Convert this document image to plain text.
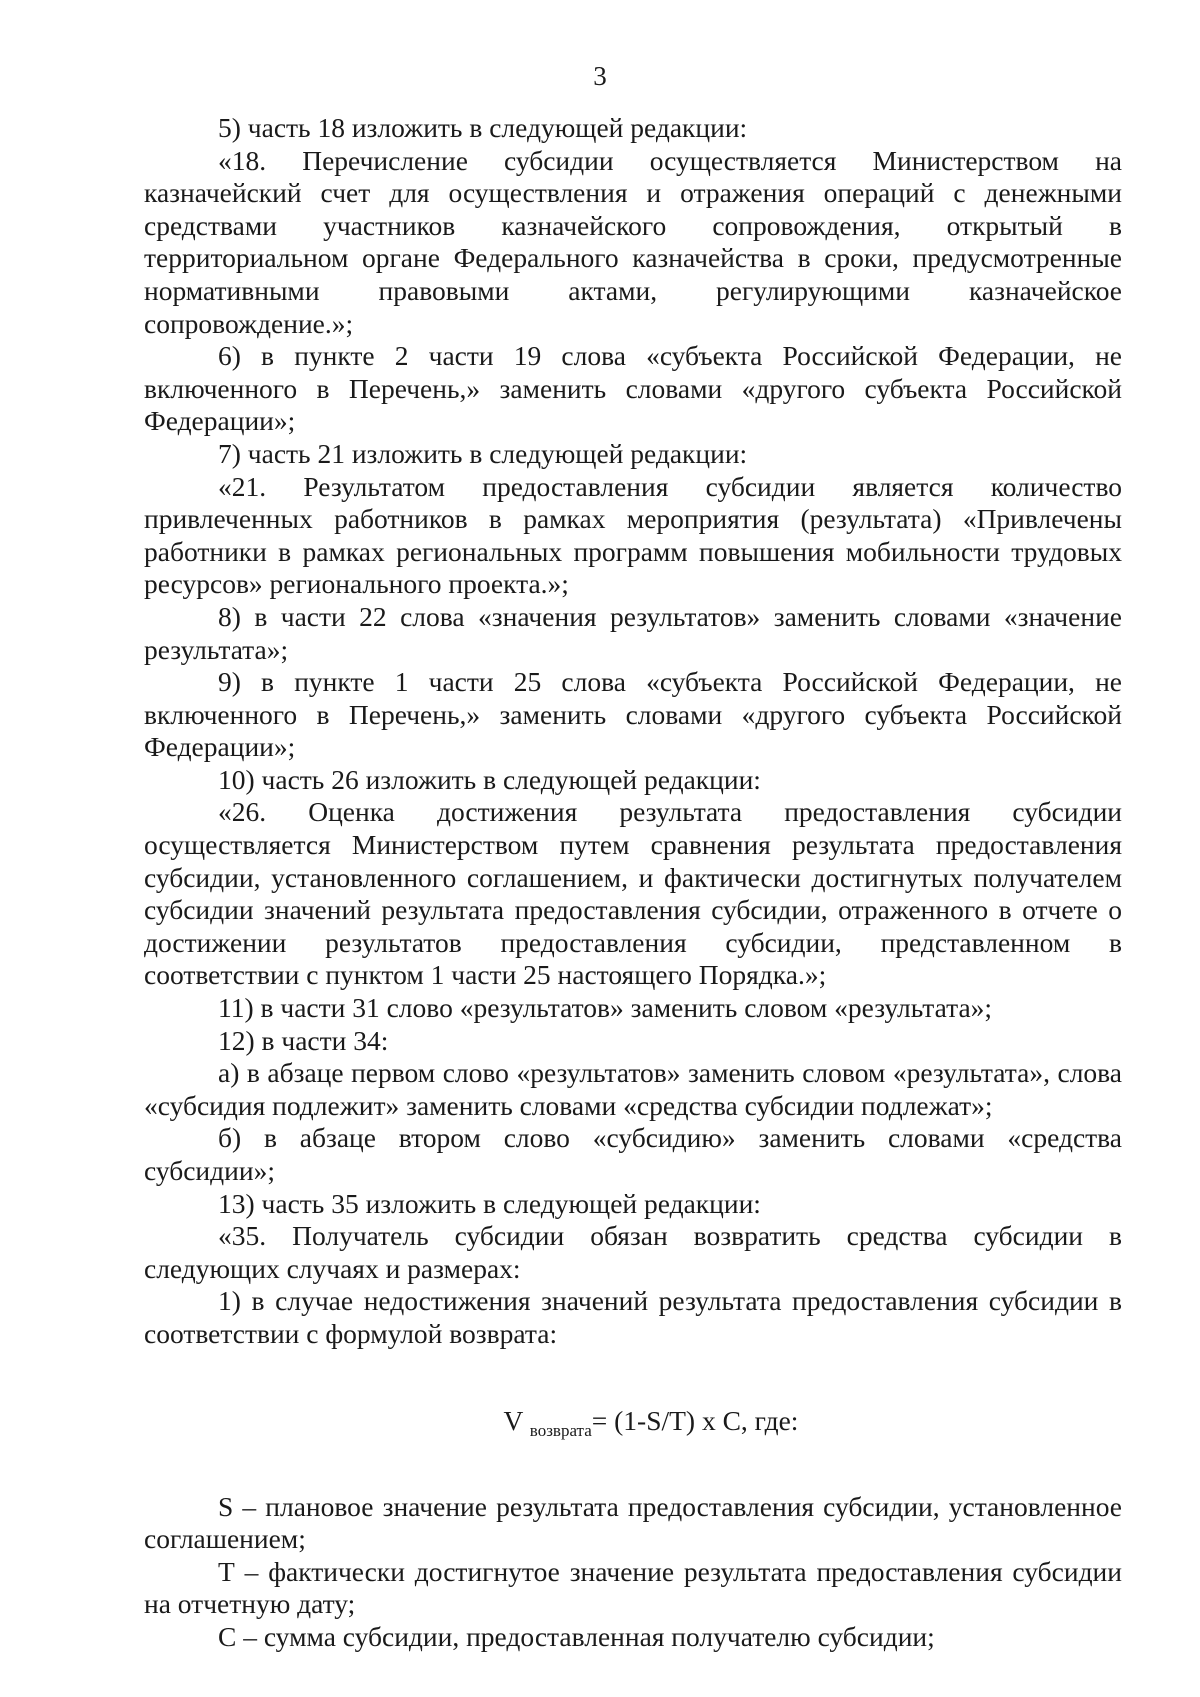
3

5) часть 18 изложить в следующей редакции:

«18. Перечисление субсидии осуществляется Министерством на казначейский счет для осуществления и отражения операций с денежными средствами участников казначейского сопровождения, открытый в территориальном органе Федерального казначейства в сроки, предусмотренные нормативными правовыми актами, регулирующими казначейское сопровождение.»;

6) в пункте 2 части 19 слова «субъекта Российской Федерации, не включенного в Перечень,» заменить словами «другого субъекта Российской Федерации»;

7) часть 21 изложить в следующей редакции:

«21. Результатом предоставления субсидии является количество привлеченных работников в рамках мероприятия (результата) «Привлечены работники в рамках региональных программ повышения мобильности трудовых ресурсов» регионального проекта.»;

8) в части 22 слова «значения результатов» заменить словами «значение результата»;

9) в пункте 1 части 25 слова «субъекта Российской Федерации, не включенного в Перечень,» заменить словами «другого субъекта Российской Федерации»;

10) часть 26 изложить в следующей редакции:

«26. Оценка достижения результата предоставления субсидии осуществляется Министерством путем сравнения результата предоставления субсидии, установленного соглашением, и фактически достигнутых получателем субсидии значений результата предоставления субсидии, отраженного в отчете о достижении результатов предоставления субсидии, представленном в соответствии с пунктом 1 части 25 настоящего Порядка.»;

11) в части 31 слово «результатов» заменить словом «результата»;

12) в части 34:

а) в абзаце первом слово «результатов» заменить словом «результата», слова «субсидия подлежит» заменить словами «средства субсидии подлежат»;

б) в абзаце втором слово «субсидию» заменить словами «средства субсидии»;

13) часть 35 изложить в следующей редакции:

«35. Получатель субсидии обязан возвратить средства субсидии в следующих случаях и размерах:

1) в случае недостижения значений результата предоставления субсидии в соответствии с формулой возврата:

V $_{возврата}$= (1-S/T) x C, где:

S – плановое значение результата предоставления субсидии, установленное соглашением;

Т – фактически достигнутое значение результата предоставления субсидии на отчетную дату;

С – сумма субсидии, предоставленная получателю субсидии;
